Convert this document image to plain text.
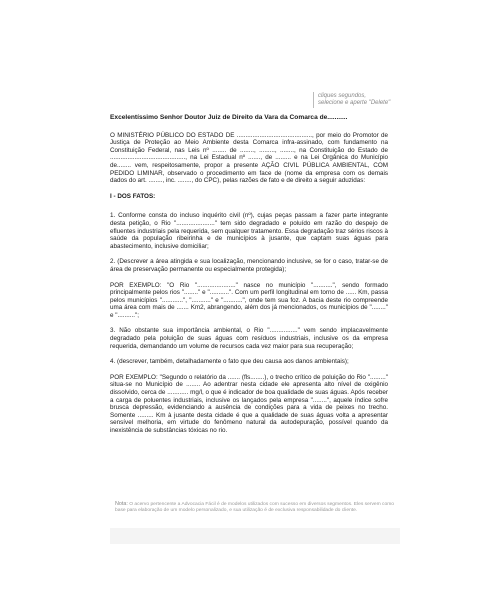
cliques segundos, selecione e aperte "Delete"
Excelentíssimo Senhor Doutor Juiz de Direito da Vara da Comarca de...........

O MINISTÉRIO PÚBLICO DO ESTADO DE ..........................................., por meio do Promotor de Justiça de Proteção ao Meio Ambiente desta Comarca infra-assinado, com fundamento na Constituição Federal, nas Leis nº ........ de ........, ........., ........, na Constituição do Estado de ..........................................., na Lei Estadual nº ......., de ......... e na Lei Orgânica do Município de........ vem, respeitosamente, propor a presente AÇÃO CIVIL PÚBLICA AMBIENTAL, COM PEDIDO LIMINAR, observado o procedimento em face de (nome da empresa com os demais dados do art. ........, inc. ........, do CPC), pelas razões de fato e de direito a seguir aduzidas:

I - DOS FATOS:

1. Conforme consta do incluso inquérito civil (nº), cujas peças passam a fazer parte integrante desta petição, o Rio "......................" tem sido degradado e poluído em razão do despejo de efluentes industriais pela requerida, sem qualquer tratamento. Essa degradação traz sérios riscos à saúde da população ribeirinha e de municípios à jusante, que captam suas águas para abastecimento, inclusive domiciliar;

2. (Descrever a área atingida e sua localização, mencionando inclusive, se for o caso, tratar-se de área de preservação permanente ou especialmente protegida);

POR EXEMPLO: "O Rio "......................" nasce no município "...........", sendo formado principalmente pelos rios "........" e "...........". Com um perfil longitudinal em torno de ...... Km, passa pelos municípios "............", "..........." e "...........", onde tem sua foz. A bacia deste rio compreende uma área com mais de ....... Km2, abrangendo, além dos já mencionados, os municípios de "........" e "..........";

3. Não obstante sua importância ambiental, o Rio "................" vem sendo implacavelmente degradado pela poluição de suas águas com resíduos industriais, inclusive os da empresa requerida, demandando um volume de recursos cada vez maior para sua recuperação;

4. (descrever, também, detalhadamente o fato que deu causa aos danos ambientais);

POR EXEMPLO: "Segundo o relatório da ....... (fls........), o trecho crítico de poluição do Rio "........." situa-se no Município de ........ Ao adentrar nesta cidade ele apresenta alto nível de oxigênio dissolvido, cerca de ............ mg/l, o que é indicador de boa qualidade de suas águas. Após receber a carga de poluentes industriais, inclusive os lançados pela empresa "........", aquele índice sofre brusca depressão, evidenciando a ausência de condições para a vida de peixes no trecho. Somente ......... Km à jusante desta cidade é que a qualidade de suas águas volta a apresentar sensível melhoria, em virtude do fenômeno natural da autodepuração, possível quando da inexistência de substâncias tóxicas no rio.

Nota: O acervo pertencente a Advocacia Fácil é de modelos utilizados com sucesso em diversos segmentos. Eles servem como base para elaboração de um modelo personalizado, e sua utilização é de exclusiva responsabilidade do cliente.
